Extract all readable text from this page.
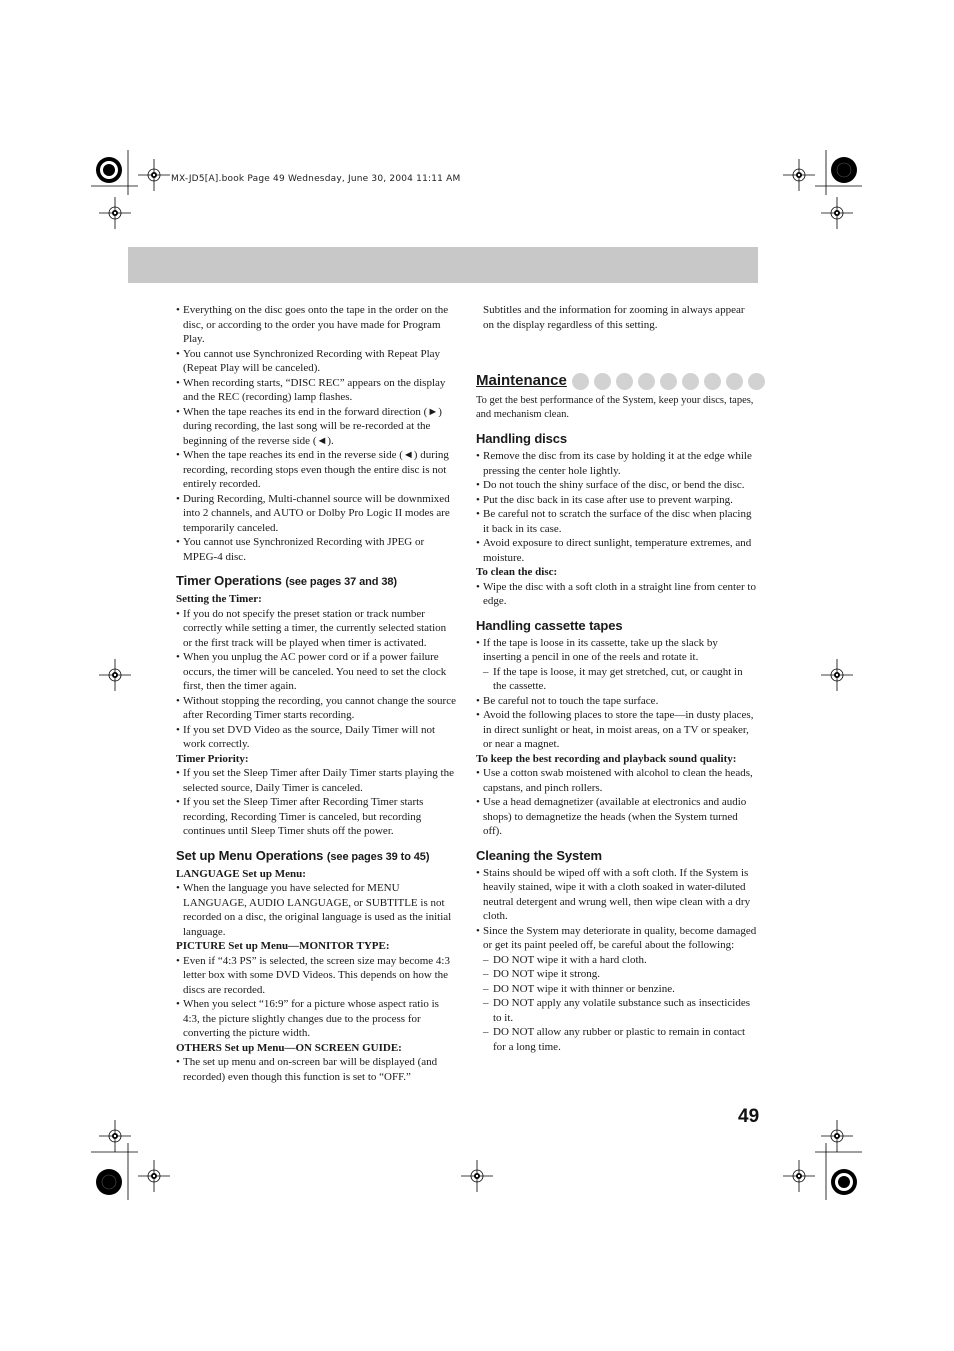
MX-JD5[A].book Page 49 Wednesday, June 30, 2004 11:11 AM

• Everything on the disc goes onto the tape in the order on the disc, or according to the order you have made for Program Play.

• You cannot use Synchronized Recording with Repeat Play (Repeat Play will be canceled).

• When recording starts, “DISC REC” appears on the display and the REC (recording) lamp flashes.

• When the tape reaches its end in the forward direction (►) during recording, the last song will be re-recorded at the beginning of the reverse side (◄).

• When the tape reaches its end in the reverse side (◄) during recording, recording stops even though the entire disc is not entirely recorded.

• During Recording, Multi-channel source will be downmixed into 2 channels, and AUTO or Dolby Pro Logic II modes are temporarily canceled.

• You cannot use Synchronized Recording with JPEG or MPEG-4 disc.

Timer Operations (see pages 37 and 38)

Setting the Timer:

• If you do not specify the preset station or track number correctly while setting a timer, the currently selected station or the first track will be played when timer is activated.

• When you unplug the AC power cord or if a power failure occurs, the timer will be canceled. You need to set the clock first, then the timer again.

• Without stopping the recording, you cannot change the source after Recording Timer starts recording.

• If you set DVD Video as the source, Daily Timer will not work correctly.

Timer Priority:

• If you set the Sleep Timer after Daily Timer starts playing the selected source, Daily Timer is canceled.

• If you set the Sleep Timer after Recording Timer starts recording, Recording Timer is canceled, but recording continues until Sleep Timer shuts off the power.

Set up Menu Operations (see pages 39 to 45)

LANGUAGE Set up Menu:

• When the language you have selected for MENU LANGUAGE, AUDIO LANGUAGE, or SUBTITLE is not recorded on a disc, the original language is used as the initial language.

PICTURE Set up Menu—MONITOR TYPE:

• Even if “4:3 PS” is selected, the screen size may become 4:3 letter box with some DVD Videos. This depends on how the discs are recorded.

• When you select “16:9” for a picture whose aspect ratio is 4:3, the picture slightly changes due to the process for converting the picture width.

OTHERS Set up Menu—ON SCREEN GUIDE:

• The set up menu and on-screen bar will be displayed (and recorded) even though this function is set to “OFF.”

Subtitles and the information for zooming in always appear on the display regardless of this setting.

Maintenance

To get the best performance of the System, keep your discs, tapes, and mechanism clean.

Handling discs

• Remove the disc from its case by holding it at the edge while pressing the center hole lightly.

• Do not touch the shiny surface of the disc, or bend the disc.

• Put the disc back in its case after use to prevent warping.

• Be careful not to scratch the surface of the disc when placing it back in its case.

• Avoid exposure to direct sunlight, temperature extremes, and moisture.

To clean the disc:

• Wipe the disc with a soft cloth in a straight line from center to edge.

Handling cassette tapes

• If the tape is loose in its cassette, take up the slack by inserting a pencil in one of the reels and rotate it.

– If the tape is loose, it may get stretched, cut, or caught in the cassette.

• Be careful not to touch the tape surface.

• Avoid the following places to store the tape—in dusty places, in direct sunlight or heat, in moist areas, on a TV or speaker, or near a magnet.

To keep the best recording and playback sound quality:

• Use a cotton swab moistened with alcohol to clean the heads, capstans, and pinch rollers.

• Use a head demagnetizer (available at electronics and audio shops) to demagnetize the heads (when the System turned off).

Cleaning the System

• Stains should be wiped off with a soft cloth. If the System is heavily stained, wipe it with a cloth soaked in water-diluted neutral detergent and wrung well, then wipe clean with a dry cloth.

• Since the System may deteriorate in quality, become damaged or get its paint peeled off, be careful about the following:

– DO NOT wipe it with a hard cloth.

– DO NOT wipe it strong.

– DO NOT wipe it with thinner or benzine.

– DO NOT apply any volatile substance such as insecticides to it.

– DO NOT allow any rubber or plastic to remain in contact for a long time.

49
